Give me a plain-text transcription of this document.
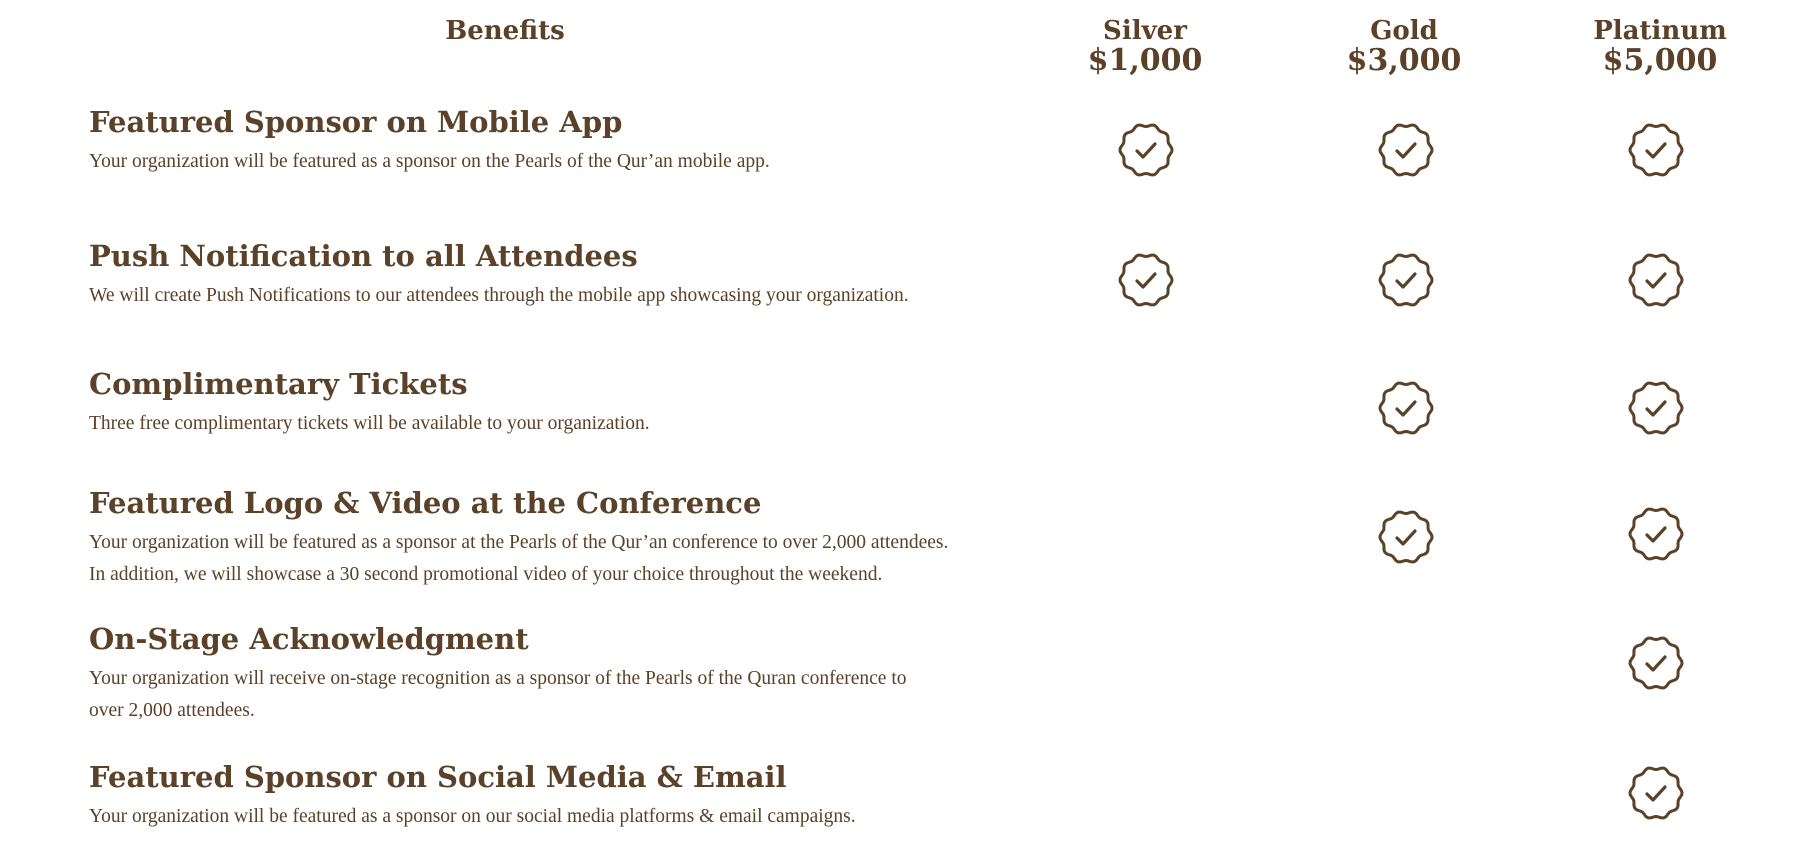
Benefits	Silver
$1,000
Gold
$3,000
Platinum
$5,000
Featured Sponsor on Mobile App

Your organization will be featured as a sponsor on the Pearls of the Qur’an mobile app.

Push Notification to all Attendees

We will create Push Notifications to our attendees through the mobile app showcasing your organization.

Complimentary Tickets

Three free complimentary tickets will be available to your organization.

Featured Logo & Video at the Conference

Your organization will be featured as a sponsor at the Pearls of the Qur’an conference to over 2,000 attendees.
In addition, we will showcase a 30 second promotional video of your choice throughout the weekend.

On-Stage Acknowledgment

Your organization will receive on-stage recognition as a sponsor of the Pearls of the Quran conference to
over 2,000 attendees.

Featured Sponsor on Social Media & Email

Your organization will be featured as a sponsor on our social media platforms & email campaigns.
